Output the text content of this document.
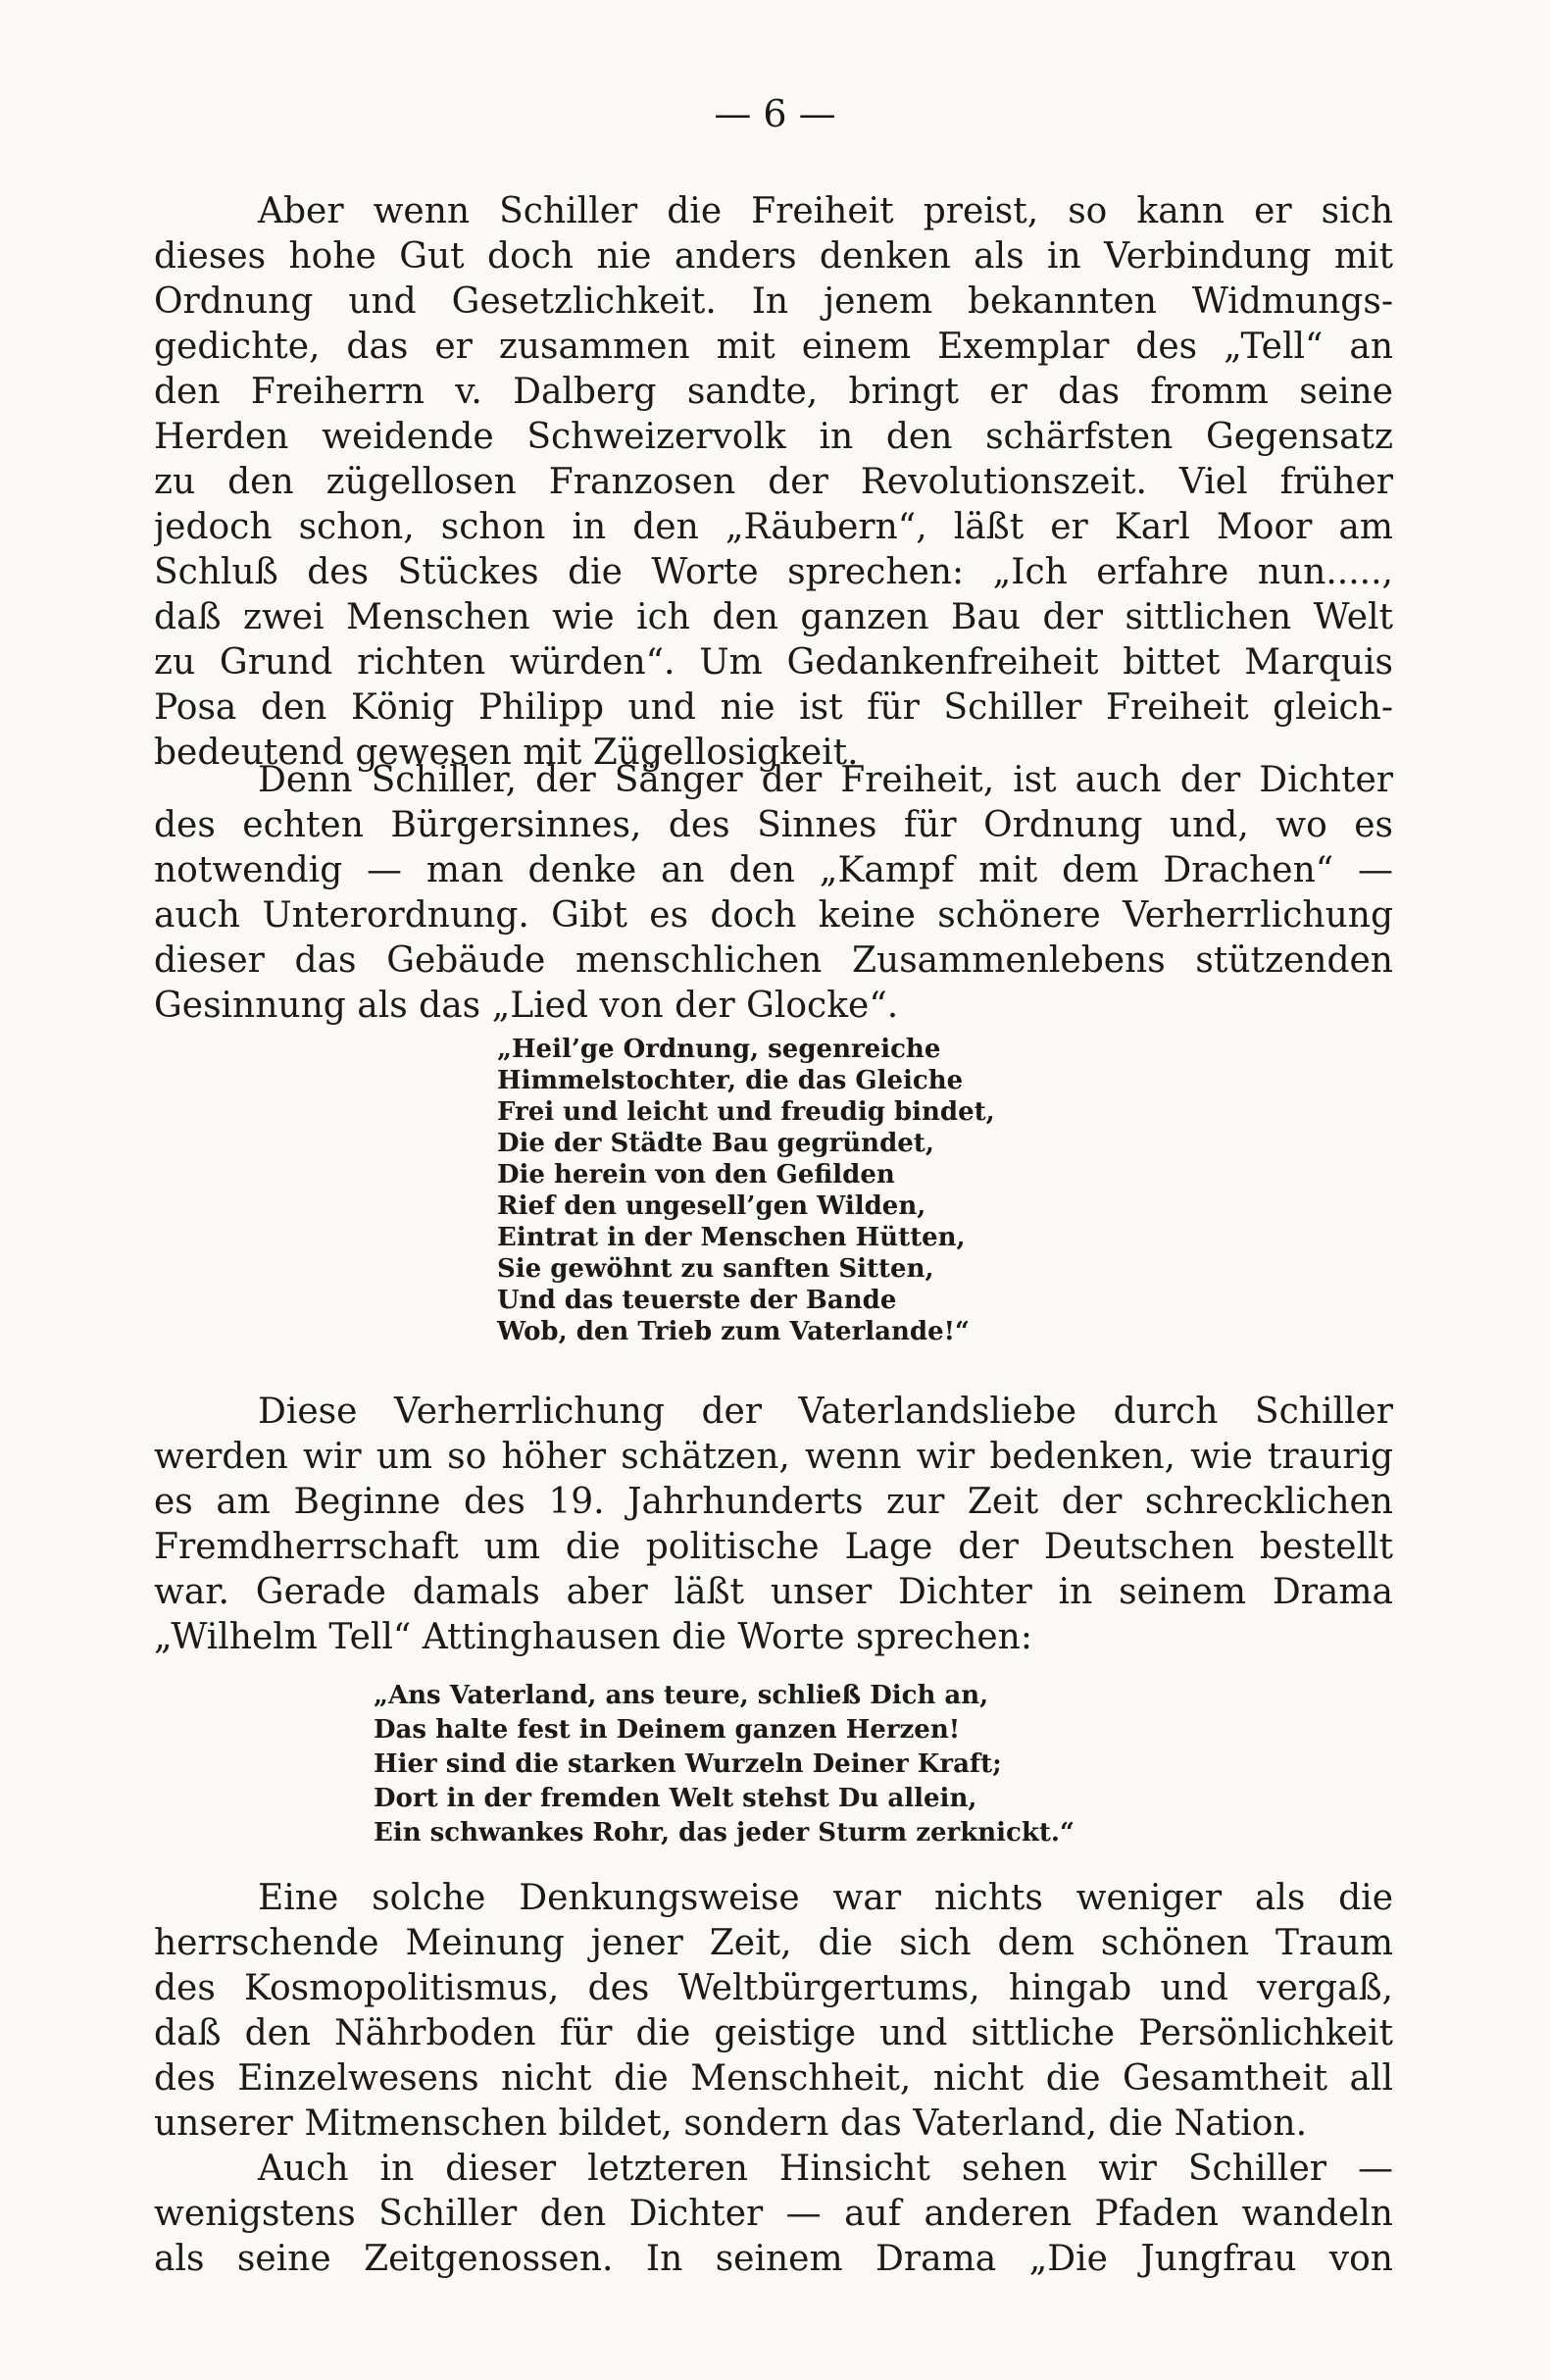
— 6 —
Aber wenn Schiller die Freiheit preist, so kann er sich
dieses hohe Gut doch nie anders denken als in Verbindung mit
Ordnung und Gesetzlichkeit. In jenem bekannten Widmungs-
gedichte, das er zusammen mit einem Exemplar des „Tell“ an
den Freiherrn v. Dalberg sandte, bringt er das fromm seine
Herden weidende Schweizervolk in den schärfsten Gegensatz
zu den zügellosen Franzosen der Revolutionszeit. Viel früher
jedoch schon, schon in den „Räubern“, läßt er Karl Moor am
Schluß des Stückes die Worte sprechen: „Ich erfahre nun.....,
daß zwei Menschen wie ich den ganzen Bau der sittlichen Welt
zu Grund richten würden“. Um Gedankenfreiheit bittet Marquis
Posa den König Philipp und nie ist für Schiller Freiheit gleich-
bedeutend gewesen mit Zügellosigkeit.
Denn Schiller, der Sänger der Freiheit, ist auch der Dichter
des echten Bürgersinnes, des Sinnes für Ordnung und, wo es
notwendig — man denke an den „Kampf mit dem Drachen“ —
auch Unterordnung. Gibt es doch keine schönere Verherrlichung
dieser das Gebäude menschlichen Zusammenlebens stützenden
Gesinnung als das „Lied von der Glocke“.
„Heil’ge Ordnung, segenreiche
Himmelstochter, die das Gleiche
Frei und leicht und freudig bindet,
Die der Städte Bau gegründet,
Die herein von den Gefilden
Rief den ungesell’gen Wilden,
Eintrat in der Menschen Hütten,
Sie gewöhnt zu sanften Sitten,
Und das teuerste der Bande
Wob, den Trieb zum Vaterlande!“
Diese Verherrlichung der Vaterlandsliebe durch Schiller
werden wir um so höher schätzen, wenn wir bedenken, wie traurig
es am Beginne des 19. Jahrhunderts zur Zeit der schrecklichen
Fremdherrschaft um die politische Lage der Deutschen bestellt
war. Gerade damals aber läßt unser Dichter in seinem Drama
„Wilhelm Tell“ Attinghausen die Worte sprechen:
„Ans Vaterland, ans teure, schließ Dich an,
Das halte fest in Deinem ganzen Herzen!
Hier sind die starken Wurzeln Deiner Kraft;
Dort in der fremden Welt stehst Du allein,
Ein schwankes Rohr, das jeder Sturm zerknickt.“
Eine solche Denkungsweise war nichts weniger als die
herrschende Meinung jener Zeit, die sich dem schönen Traum
des Kosmopolitismus, des Weltbürgertums, hingab und vergaß,
daß den Nährboden für die geistige und sittliche Persönlichkeit
des Einzelwesens nicht die Menschheit, nicht die Gesamtheit all
unserer Mitmenschen bildet, sondern das Vaterland, die Nation.
Auch in dieser letzteren Hinsicht sehen wir Schiller —
wenigstens Schiller den Dichter — auf anderen Pfaden wandeln
als seine Zeitgenossen. In seinem Drama „Die Jungfrau von
